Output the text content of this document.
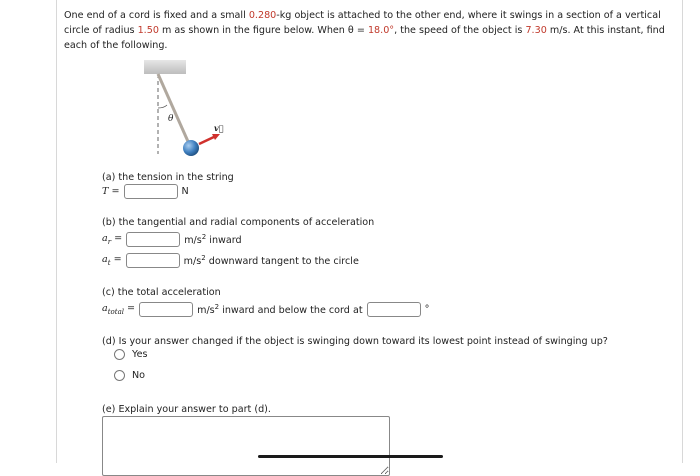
One end of a cord is fixed and a small 0.280-kg object is attached to the other end, where it swings in a section of a vertical circle of radius 1.50 m as shown in the figure below. When θ = 18.0°, the speed of the object is 7.30 m/s. At this instant, find each of the following.
θ
v⃗
(a) the tension in the string
T =	N
(b) the tangential and radial components of acceleration
$a_r$ =	$m/s^2$ inward
$a_t$ =	$m/s^2$ downward tangent to the circle
(c) the total acceleration
$a_{total}$ =	$m/s^2$ inward and below the cord at	°
(d) Is your answer changed if the object is swinging down toward its lowest point instead of swinging up?
Yes
No
(e) Explain your answer to part (d).
